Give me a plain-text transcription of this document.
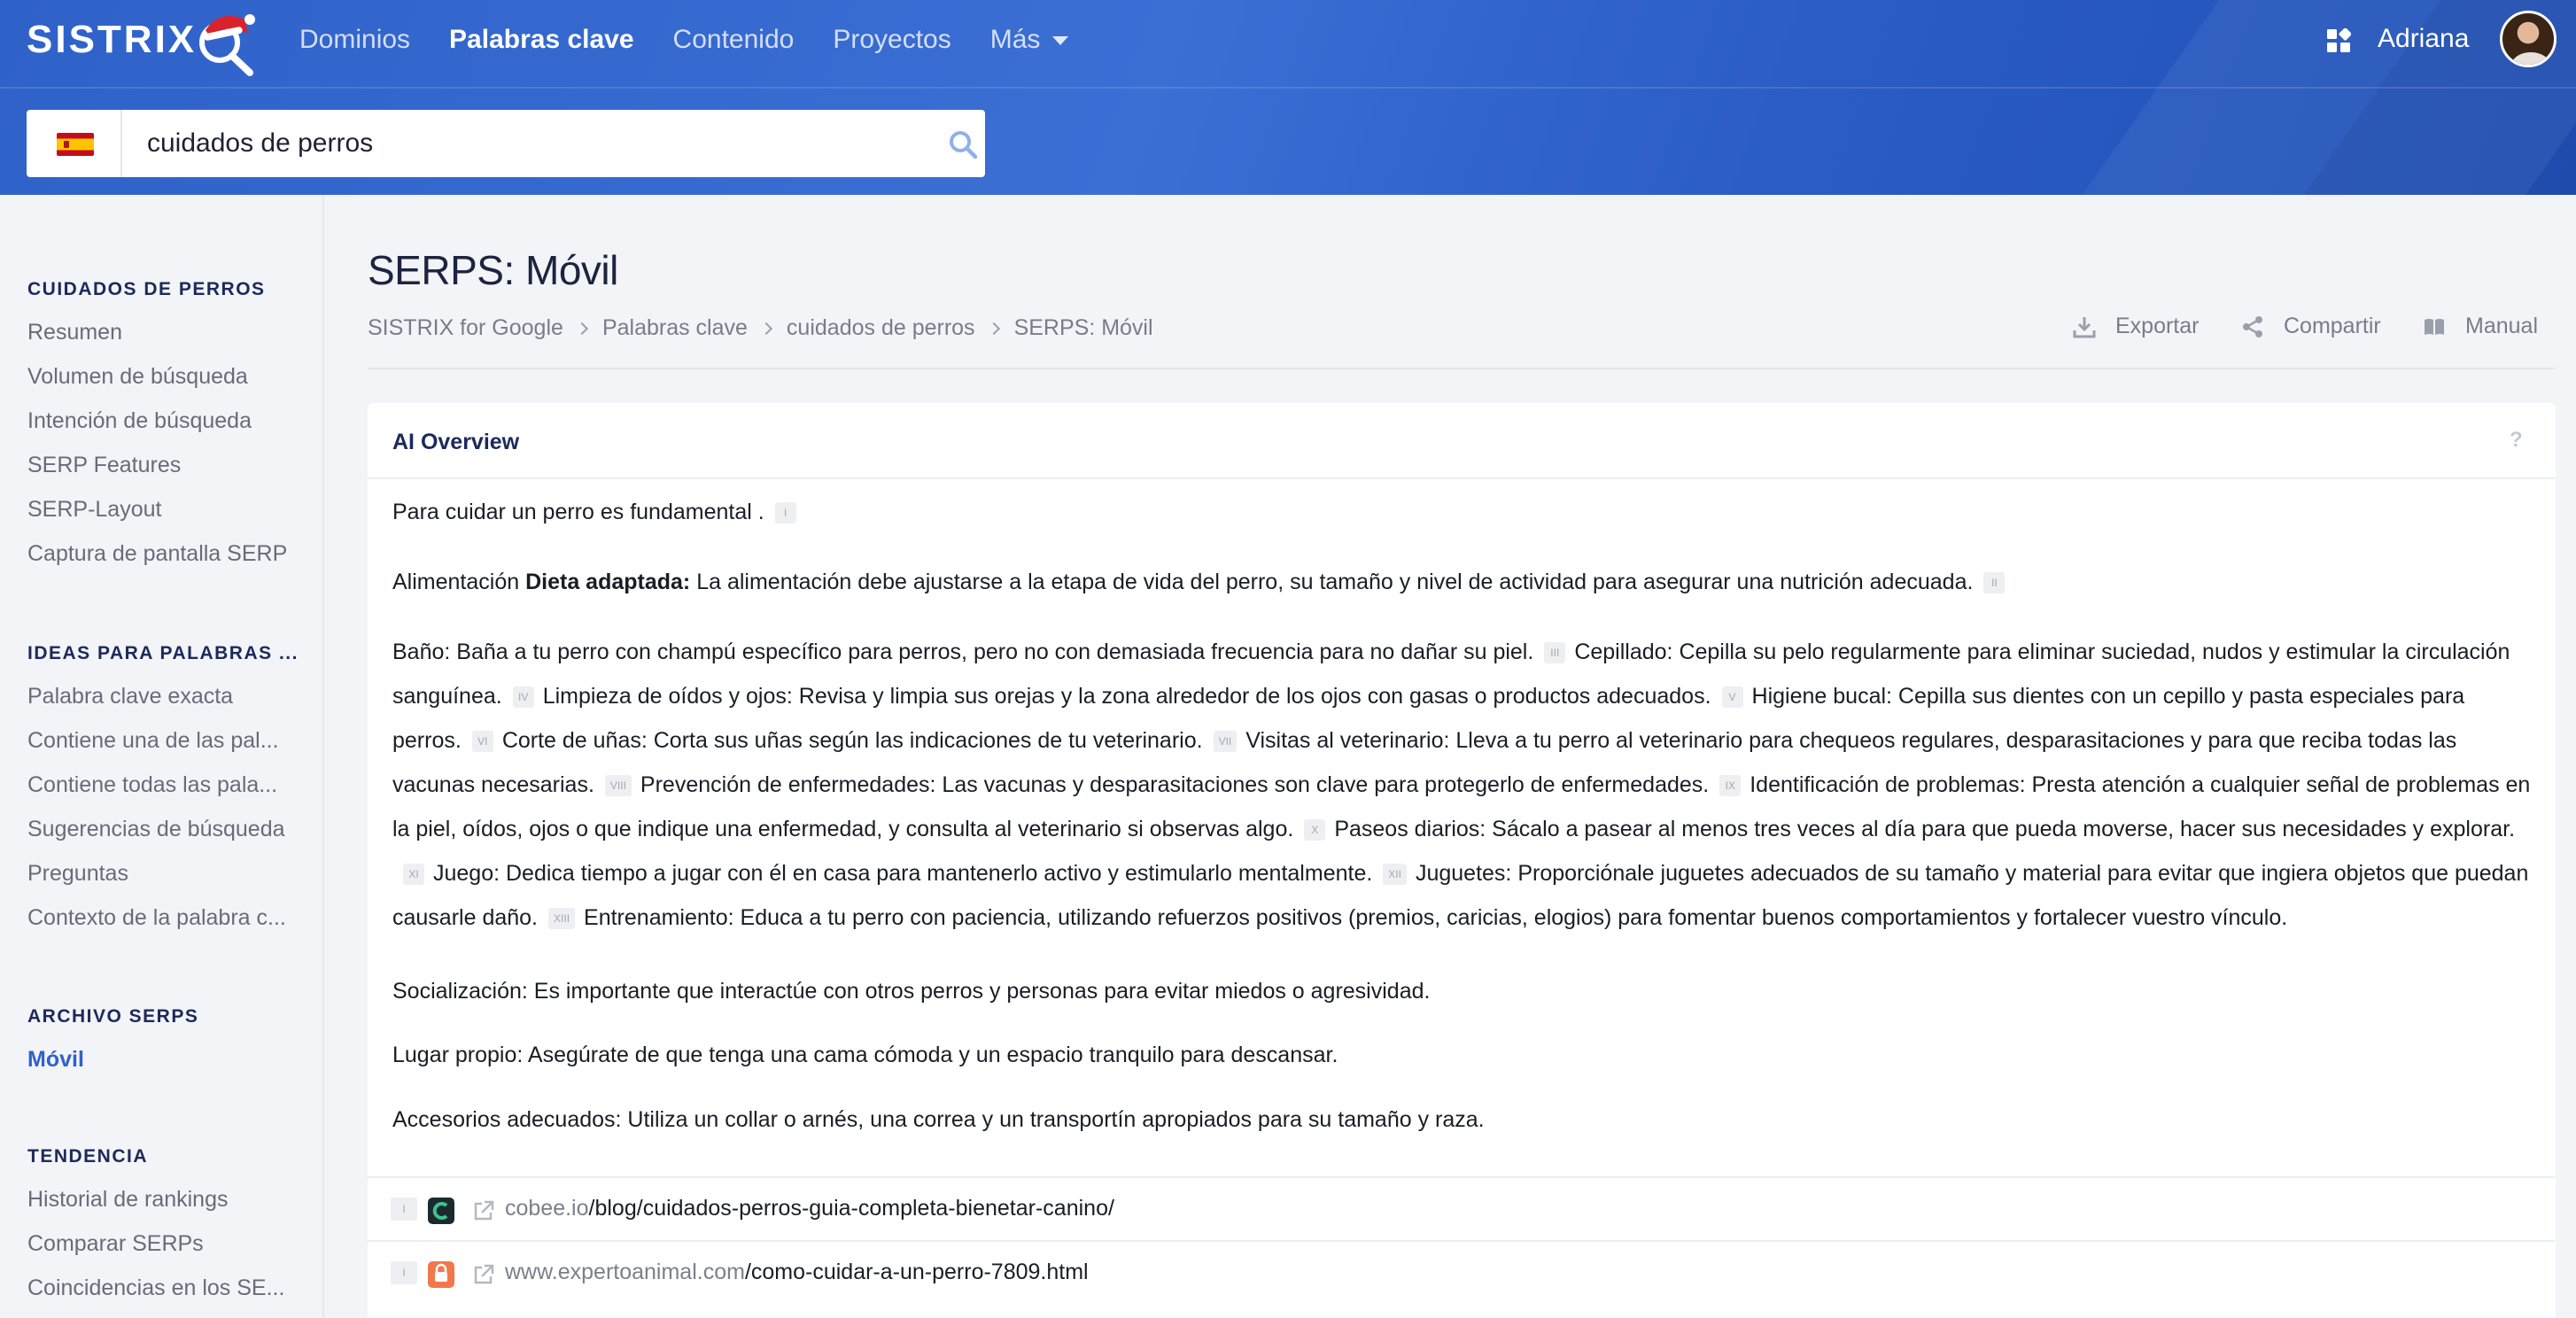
SISTRIX	Dominios Palabras clave Contenido Proyectos Más	Adriana
cuidados de perros
CUIDADOS DE PERROS
Resumen
Volumen de búsqueda
Intención de búsqueda
SERP Features
SERP-Layout
Captura de pantalla SERP
IDEAS PARA PALABRAS ...
Palabra clave exacta
Contiene una de las pal...
Contiene todas las pala...
Sugerencias de búsqueda
Preguntas
Contexto de la palabra c...
ARCHIVO SERPS
Móvil
TENDENCIA
Historial de rankings
Comparar SERPs
Coincidencias en los SE...
SERPS: Móvil
SISTRIX for Google Palabras clave cuidados de perros SERPS: Móvil	Exportar	Compartir	Manual
AI Overview	?
Para cuidar un perro es fundamental . I
Alimentación Dieta adaptada: La alimentación debe ajustarse a la etapa de vida del perro, su tamaño y nivel de actividad para asegurar una nutrición adecuada. II
Baño: Baña a tu perro con champú específico para perros, pero no con demasiada frecuencia para no dañar su piel. III Cepillado: Cepilla su pelo regularmente para eliminar suciedad, nudos y estimular la circulación sanguínea. IV Limpieza de oídos y ojos: Revisa y limpia sus orejas y la zona alrededor de los ojos con gasas o productos adecuados. V Higiene bucal: Cepilla sus dientes con un cepillo y pasta especiales para perros. VI Corte de uñas: Corta sus uñas según las indicaciones de tu veterinario. VII Visitas al veterinario: Lleva a tu perro al veterinario para chequeos regulares, desparasitaciones y para que reciba todas las vacunas necesarias. VIII Prevención de enfermedades: Las vacunas y desparasitaciones son clave para protegerlo de enfermedades. IX Identificación de problemas: Presta atención a cualquier señal de problemas en la piel, oídos, ojos o que indique una enfermedad, y consulta al veterinario si observas algo. X Paseos diarios: Sácalo a pasear al menos tres veces al día para que pueda moverse, hacer sus necesidades y explorar.XI Juego: Dedica tiempo a jugar con él en casa para mantenerlo activo y estimularlo mentalmente. XII Juguetes: Proporciónale juguetes adecuados de su tamaño y material para evitar que ingiera objetos que puedan causarle daño. XIII Entrenamiento: Educa a tu perro con paciencia, utilizando refuerzos positivos (premios, caricias, elogios) para fomentar buenos comportamientos y fortalecer vuestro vínculo.
Socialización: Es importante que interactúe con otros perros y personas para evitar miedos o agresividad.
Lugar propio: Asegúrate de que tenga una cama cómoda y un espacio tranquilo para descansar.
Accesorios adecuados: Utiliza un collar o arnés, una correa y un transportín apropiados para su tamaño y raza.
I	cobee.io/blog/cuidados-perros-guia-completa-bienetar-canino/
I	www.expertoanimal.com/como-cuidar-a-un-perro-7809.html
